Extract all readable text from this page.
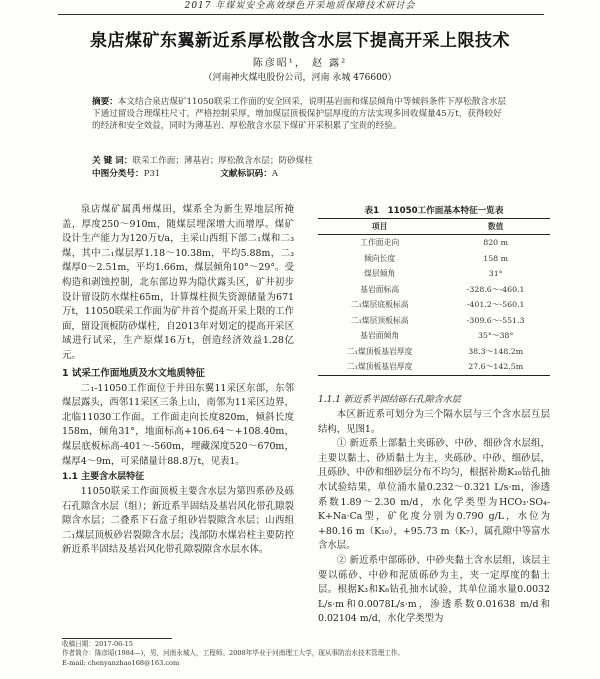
2017 年煤炭安全高效绿色开采地质保障技术研讨会
泉店煤矿东翼新近系厚松散含水层下提高开采上限技术
陈彦昭¹， 赵 露²
（河南神火煤电股份公司，河南 永城 476600）
摘要：本文结合泉店煤矿11050联采工作面的安全回采，说明基岩面和煤层倾角中等倾斜条件下厚松散含水层下通过留设合理煤柱尺寸，严格控制采厚，增加煤层顶板保护层厚度的方法实现多回收煤量45万t，获得较好的经济和安全效益，同时为薄基岩、厚松散含水层下煤矿开采积累了宝贵的经验。
关 键 词：联采工作面；薄基岩；厚松散含水层；防砂煤柱
中图分类号：P31	文献标识码：A

泉店煤矿属禹州煤田，煤系全为新生界地层所掩盖，厚度250～910m，随煤层埋深增大而增厚。煤矿设计生产能力为120万t/a，主采山西组下部二₁煤和二₃煤，其中二₁煤层厚1.18～10.38m，平均5.88m，二₃煤厚0～2.51m，平均1.66m，煤层倾角10°～29°。受构造和剥蚀控制，北东部边界为隐伏露头区，矿井初步设计留设防水煤柱65m，计算煤柱损失资源储量为671万t，11050联采工作面为矿井首个提高开采上限的工作面，留设顶板防砂煤柱，自2013年对划定的提高开采区域进行试采，生产原煤16万t，创造经济效益1.28亿元。

1 试采工作面地质及水文地质特征

二₁-11050工作面位于井田东翼11采区东部，东邻煤层露头，西邻11采区三条上山，南邻为11采区边界，北临11030工作面。工作面走向长度820m，倾斜长度158m，倾角31°，地面标高+106.64～+108.40m，煤层底板标高-401～-560m，埋藏深度520～670m，煤厚4～9m，可采储量计88.8万t，见表1。

1.1 主要含水层特征

11050联采工作面顶板主要含水层为第四系砂及砾石孔隙含水层（组）；新近系半固结及基岩风化带孔隙裂隙含水层；二叠系下石盒子组砂岩裂隙含水层；山西组二₁煤层顶板砂岩裂隙含水层；浅部防水煤岩柱主要防控新近系半固结及基岩风化带孔隙裂隙含水层水体。

表1　11050工作面基本特征一览表
项目	数值
工作面走向	820 m
倾向长度	158 m
煤层倾角	31°
基岩面标高	-328.6～-460.1
二₁煤层底板标高	-401.2～-560.1
二₁煤层顶板标高	-309.6～-551.3
基岩面倾角	35°～38°
二₁煤顶板基岩厚度	38.3～148.2m
二₁煤顶板基岩厚度	27.6～142.5m
1.1.1 新近系半固结砾石孔隙含水层

本区新近系可划分为三个隔水层与三个含水层互层结构，见图1。

① 新近系上部黏土夹砾砂、中砂、细砂含水层组，主要以黏土、砂质黏土为主，夹砾砂、中砂、细砂层，且砾砂、中砂和细砂层分布不均匀，根据补勘K₁₀钻孔抽水试验结果，单位涌水量0.232～0.321 L/s·m，渗透系数1.89～2.30 m/d，水化学类型为HCO₃·SO₄-K+Na·Ca型，矿化度分别为0.790 g/L，水位为+80.16 m（K₁₀），+95.73 m（K₇），属孔隙中等富水含水层。

② 新近系中部砾砂、中砂夹黏土含水层组，该层主要以砾砂、中砂和泥质砾砂为主，夹一定厚度的黏土层。根据K₃和K₆钻孔抽水试验，其单位涌水量0.0032 L/s·m和0.0078L/s·m，渗透系数0.01638 m/d和0.02104 m/d，水化学类型为

收稿日期：2017-06-15
作者简介：陈彦昭(1984—)，男，河南永城人，工程师。2008年毕业于河南理工大学，现从事防治水技术管理工作。
E-mail: chenyanzhao168@163.com
